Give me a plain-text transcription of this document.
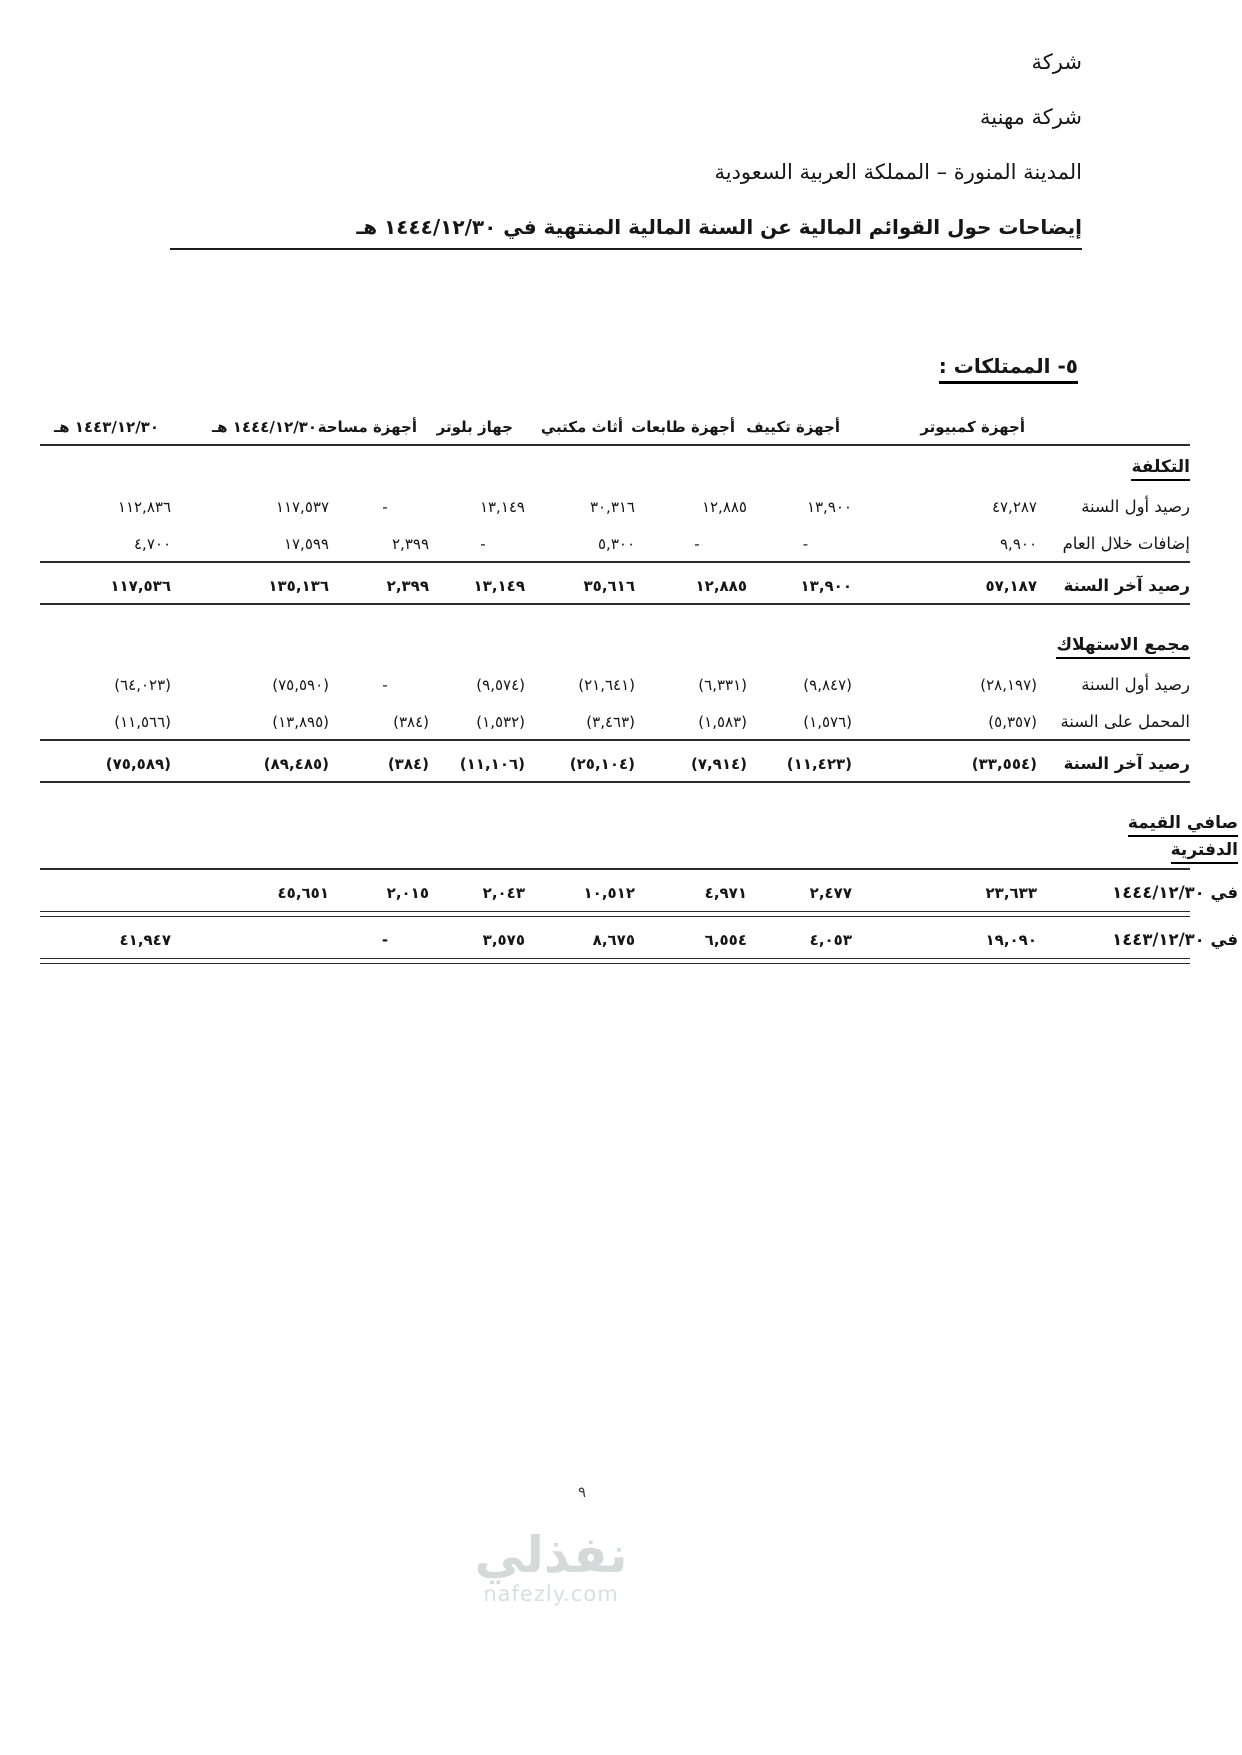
شركة
شركة مهنية
المدينة المنورة – المملكة العربية السعودية
إيضاحات حول القوائم المالية عن السنة المالية المنتهية في ١٤٤٤/١٢/٣٠ هـ
٥- الممتلكات :
أجهزة كمبيوتر
أجهزة تكييف
أجهزة طابعات
أثاث مكتبي
جهاز بلوتر
أجهزة مساحة
١٤٤٤/١٢/٣٠ هـ
١٤٤٣/١٢/٣٠ هـ
التكلفة
رصيد أول السنة
٤٧,٢٨٧
١٣,٩٠٠
١٢,٨٨٥
٣٠,٣١٦
١٣,١٤٩
-
١١٧,٥٣٧
١١٢,٨٣٦
إضافات خلال العام
٩,٩٠٠
-
-
٥,٣٠٠
-
٢,٣٩٩
١٧,٥٩٩
٤,٧٠٠
رصيد آخر السنة
٥٧,١٨٧
١٣,٩٠٠
١٢,٨٨٥
٣٥,٦١٦
١٣,١٤٩
٢,٣٩٩
١٣٥,١٣٦
١١٧,٥٣٦
مجمع الاستهلاك
رصيد أول السنة
(٢٨,١٩٧)
(٩,٨٤٧)
(٦,٣٣١)
(٢١,٦٤١)
(٩,٥٧٤)
-
(٧٥,٥٩٠)
(٦٤,٠٢٣)
المحمل على السنة
(٥,٣٥٧)
(١,٥٧٦)
(١,٥٨٣)
(٣,٤٦٣)
(١,٥٣٢)
(٣٨٤)
(١٣,٨٩٥)
(١١,٥٦٦)
رصيد آخر السنة
(٣٣,٥٥٤)
(١١,٤٢٣)
(٧,٩١٤)
(٢٥,١٠٤)
(١١,١٠٦)
(٣٨٤)
(٨٩,٤٨٥)
(٧٥,٥٨٩)
صافي القيمة
الدفترية
في ١٤٤٤/١٢/٣٠
٢٣,٦٣٣
٢,٤٧٧
٤,٩٧١
١٠,٥١٢
٢,٠٤٣
٢,٠١٥
٤٥,٦٥١
في ١٤٤٣/١٢/٣٠
١٩,٠٩٠
٤,٠٥٣
٦,٥٥٤
٨,٦٧٥
٣,٥٧٥
-
٤١,٩٤٧
٩
نفذلي
nafezly.com
